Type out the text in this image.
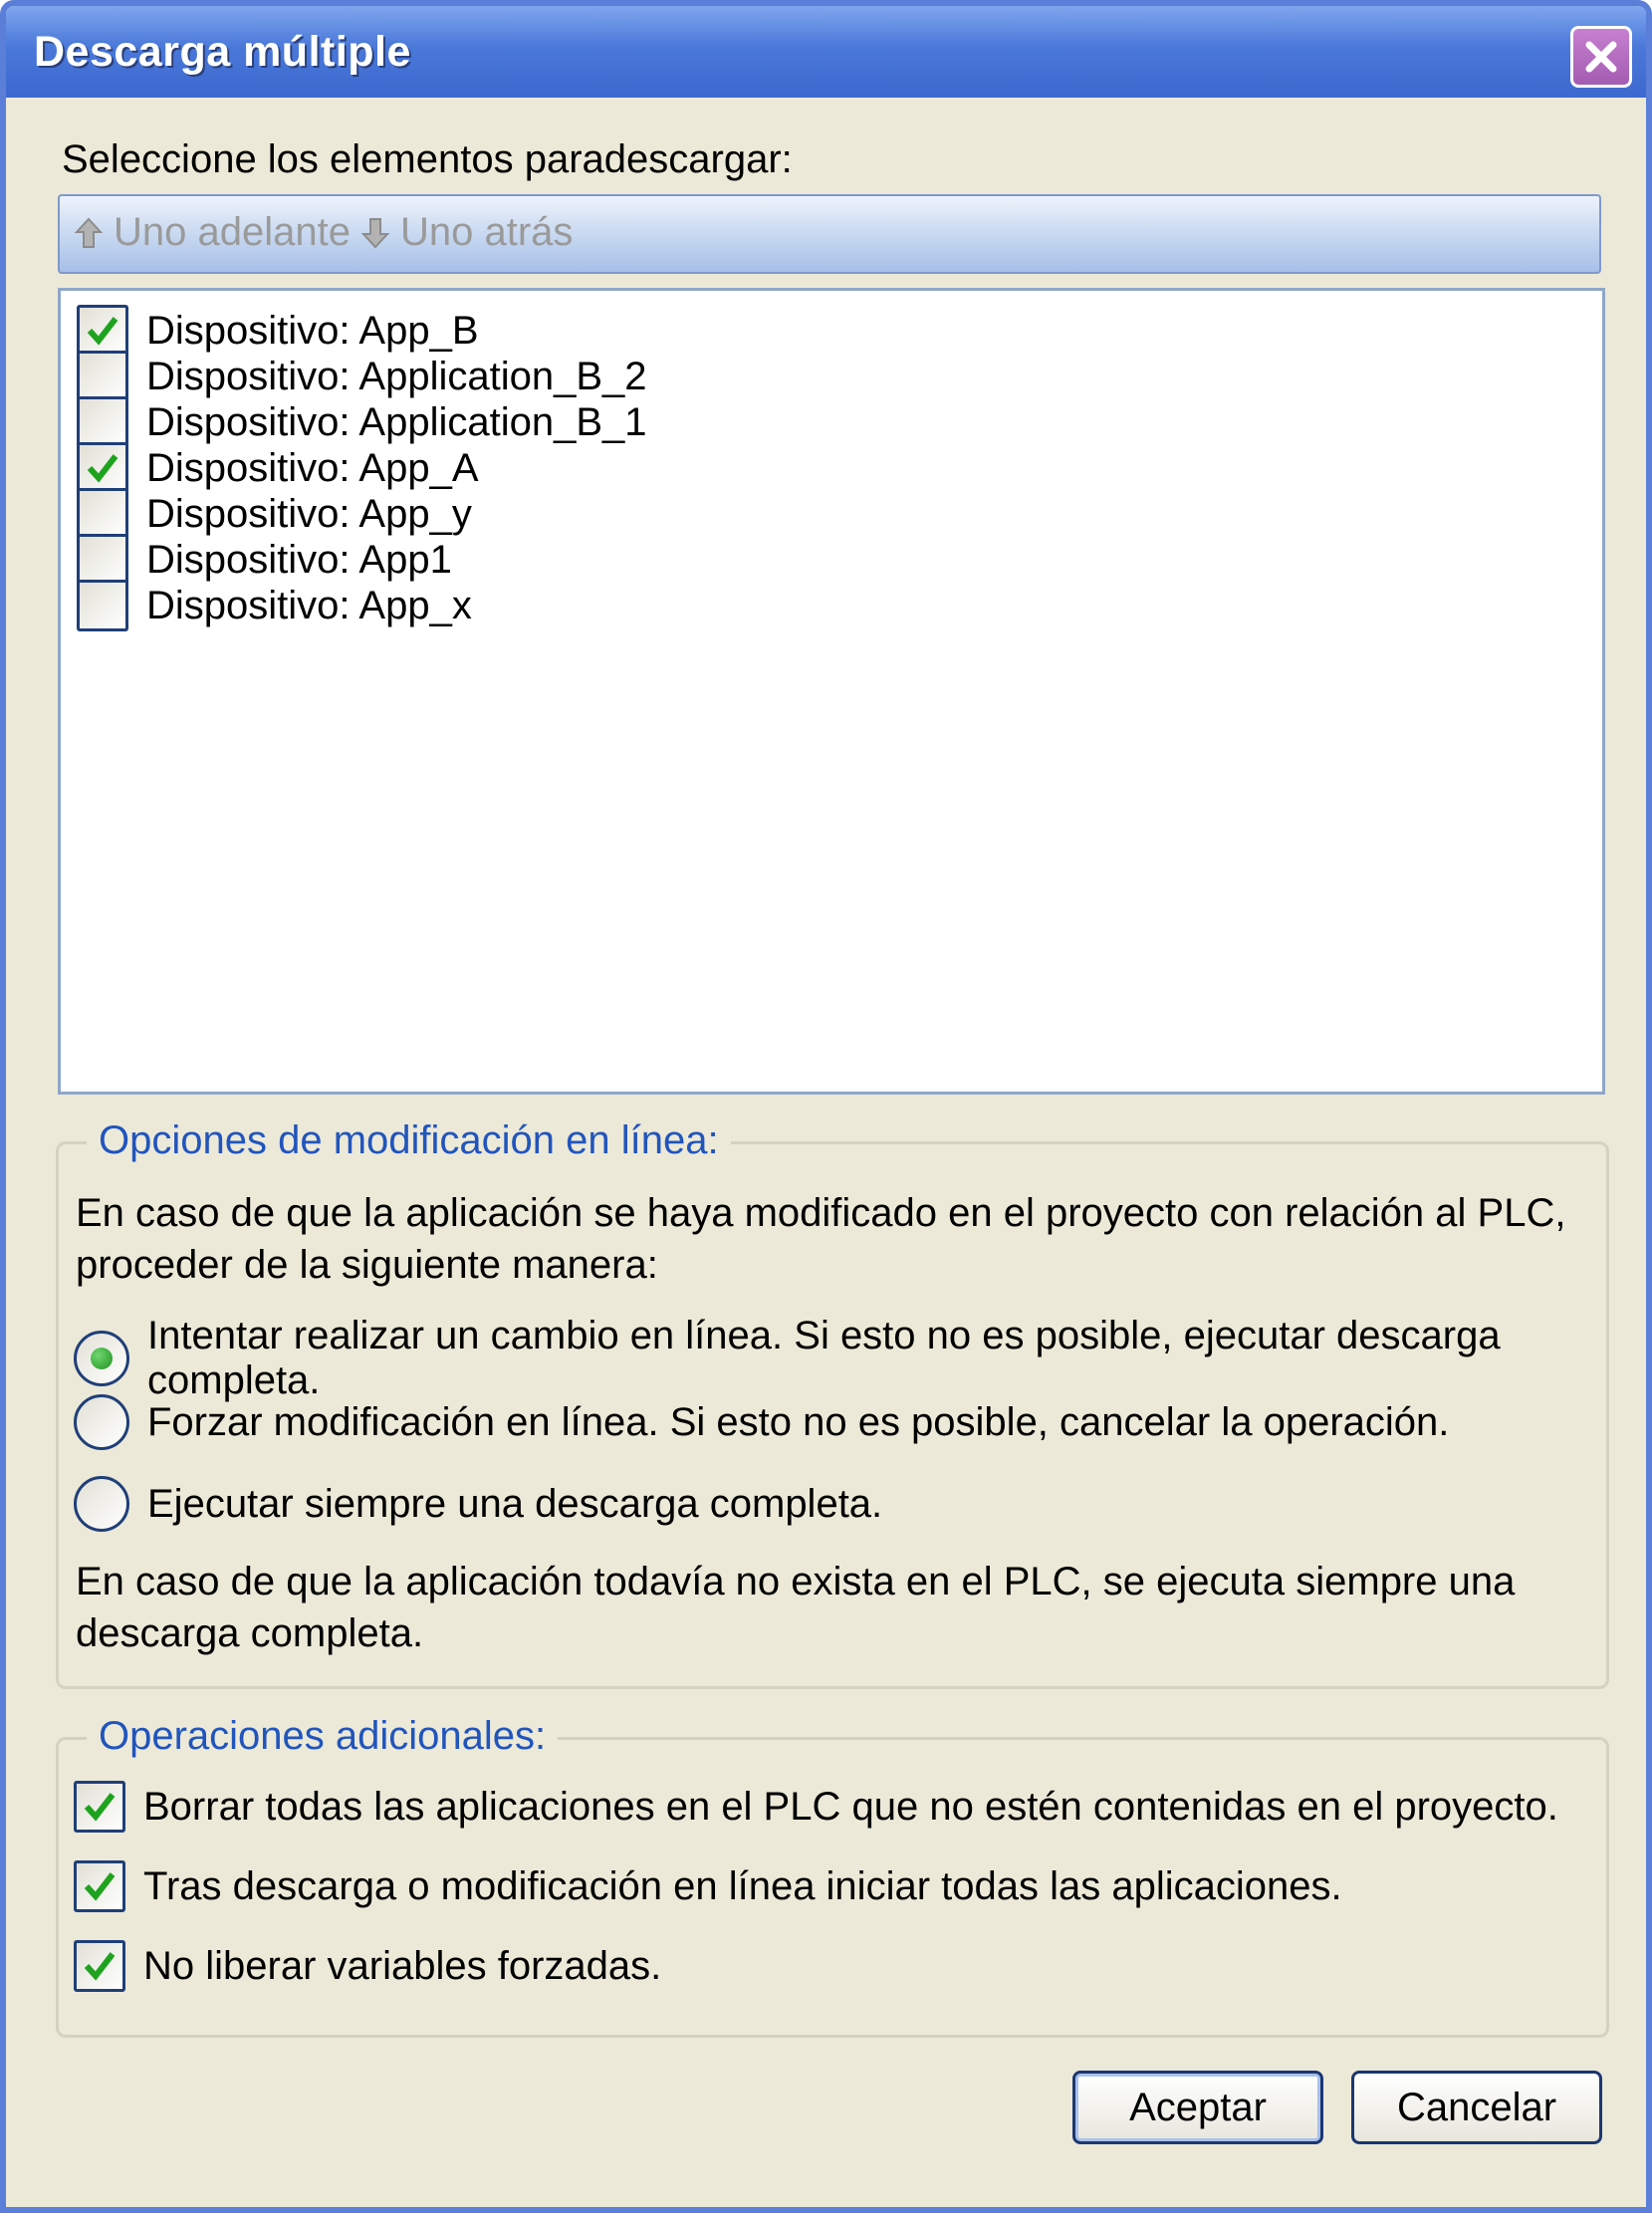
Descarga múltiple
Seleccione los elementos paradescargar:
Uno adelante Uno atrás
Dispositivo: App_B
Dispositivo: Application_B_2
Dispositivo: Application_B_1
Dispositivo: App_A
Dispositivo: App_y
Dispositivo: App1
Dispositivo: App_x
Opciones de modificación en línea:
En caso de que la aplicación se haya modificado en el proyecto con relación al PLC, proceder de la siguiente manera:
Intentar realizar un cambio en línea. Si esto no es posible, ejecutar descarga completa.
Forzar modificación en línea. Si esto no es posible, cancelar la operación.
Ejecutar siempre una descarga completa.
En caso de que la aplicación todavía no exista en el PLC, se ejecuta siempre una descarga completa.
Operaciones adicionales:
Borrar todas las aplicaciones en el PLC que no estén contenidas en el proyecto.
Tras descarga o modificación en línea iniciar todas las aplicaciones.
No liberar variables forzadas.
Aceptar	Cancelar
